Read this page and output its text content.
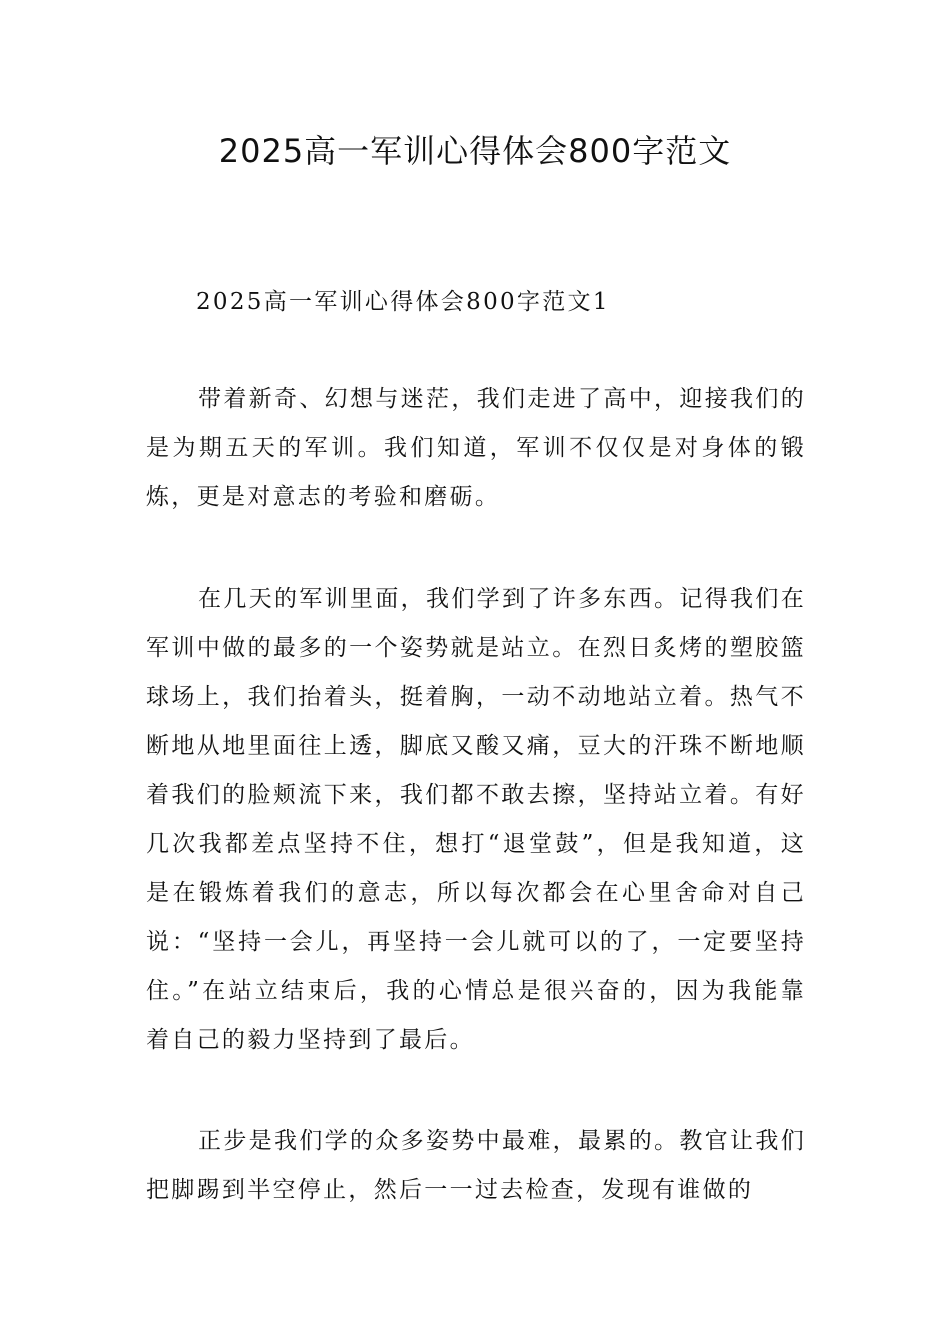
2025高一军训心得体会800字范文

2025高一军训心得体会800字范文1

带着新奇、幻想与迷茫，我们走进了高中，迎接我们的是为期五天的军训。我们知道，军训不仅仅是对身体的锻炼，更是对意志的考验和磨砺。

在几天的军训里面，我们学到了许多东西。记得我们在军训中做的最多的一个姿势就是站立。在烈日炙烤的塑胶篮球场上，我们抬着头，挺着胸，一动不动地站立着。热气不断地从地里面往上透，脚底又酸又痛，豆大的汗珠不断地顺着我们的脸颊流下来，我们都不敢去擦，坚持站立着。有好几次我都差点坚持不住，想打“退堂鼓”，但是我知道，这是在锻炼着我们的意志，所以每次都会在心里舍命对自己说：“坚持一会儿，再坚持一会儿就可以的了，一定要坚持住。”在站立结束后，我的心情总是很兴奋的，因为我能靠着自己的毅力坚持到了最后。

正步是我们学的众多姿势中最难，最累的。教官让我们把脚踢到半空停止，然后一一过去检查，发现有谁做的
